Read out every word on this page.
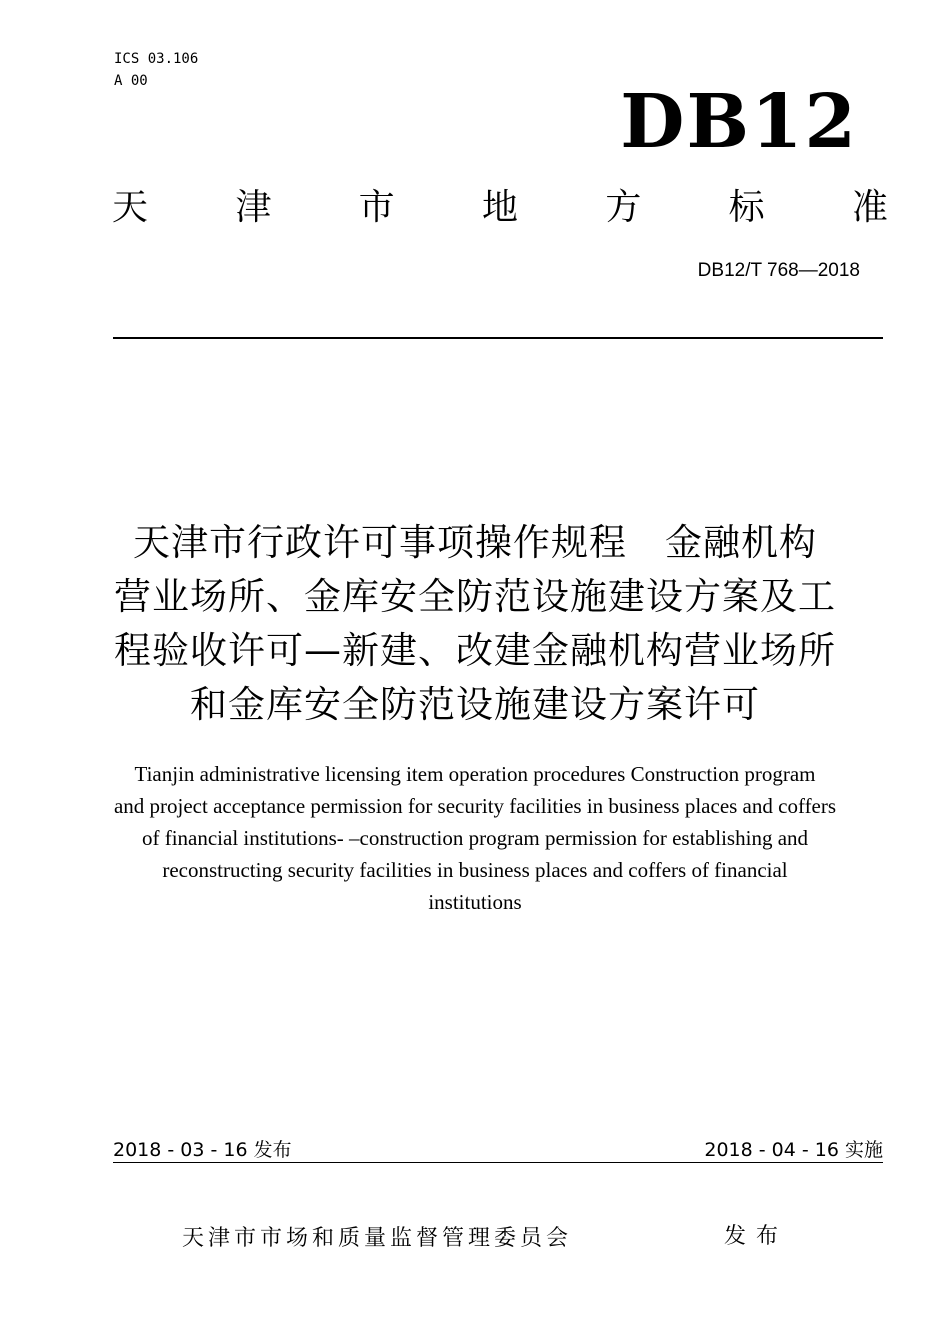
ICS 03.106
A 00	DB12
天 津 市 地 方 标 准
DB12/T 768—2018
天津市行政许可事项操作规程　金融机构
营业场所、金库安全防范设施建设方案及工
程验收许可—新建、改建金融机构营业场所
和金库安全防范设施建设方案许可
Tianjin administrative licensing item operation procedures Construction program
and project acceptance permission for security facilities in business places and coffers
of financial institutions- –construction program permission for establishing and
reconstructing security facilities in business places and coffers of financial
institutions
2018 - 03 - 16 发布	2018 - 04 - 16 实施
天津市市场和质量监督管理委员会	发布
